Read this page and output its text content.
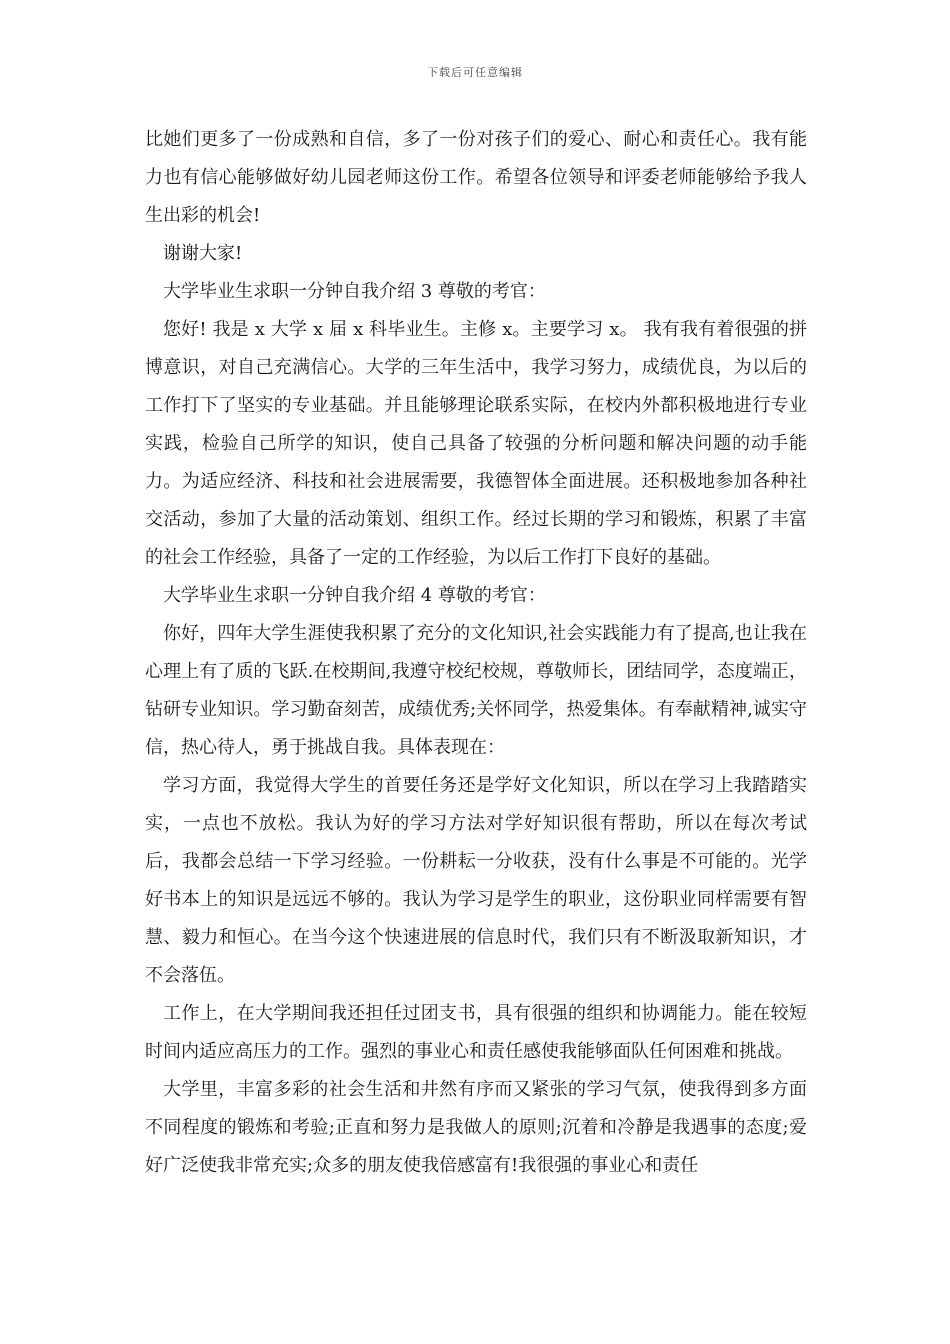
下载后可任意编辑

比她们更多了一份成熟和自信，多了一份对孩子们的爱心、耐心和责任心。我有能力也有信心能够做好幼儿园老师这份工作。希望各位领导和评委老师能够给予我人生出彩的机会!

谢谢大家!

大学毕业生求职一分钟自我介绍 3 尊敬的考官：

您好! 我是 x 大学 x 届 x 科毕业生。主修 x。主要学习 x。 我有我有着很强的拼博意识，对自己充满信心。大学的三年生活中，我学习努力，成绩优良，为以后的工作打下了坚实的专业基础。并且能够理论联系实际，在校内外都积极地进行专业实践，检验自己所学的知识，使自己具备了较强的分析问题和解决问题的动手能力。为适应经济、科技和社会进展需要，我德智体全面进展。还积极地参加各种社交活动，参加了大量的活动策划、组织工作。经过长期的学习和锻炼，积累了丰富的社会工作经验，具备了一定的工作经验，为以后工作打下良好的基础。

大学毕业生求职一分钟自我介绍 4 尊敬的考官：

你好，四年大学生涯使我积累了充分的文化知识,社会实践能力有了提高,也让我在心理上有了质的飞跃.在校期间,我遵守校纪校规，尊敬师长，团结同学，态度端正，钻研专业知识。学习勤奋刻苦，成绩优秀;关怀同学，热爱集体。有奉献精神,诚实守信，热心待人，勇于挑战自我。具体表现在：

学习方面，我觉得大学生的首要任务还是学好文化知识，所以在学习上我踏踏实实，一点也不放松。我认为好的学习方法对学好知识很有帮助，所以在每次考试后，我都会总结一下学习经验。一份耕耘一分收获，没有什么事是不可能的。光学好书本上的知识是远远不够的。我认为学习是学生的职业，这份职业同样需要有智慧、毅力和恒心。在当今这个快速进展的信息时代，我们只有不断汲取新知识，才不会落伍。

工作上，在大学期间我还担任过团支书，具有很强的组织和协调能力。能在较短时间内适应高压力的工作。强烈的事业心和责任感使我能够面队任何困难和挑战。

大学里，丰富多彩的社会生活和井然有序而又紧张的学习气氛，使我得到多方面不同程度的锻炼和考验;正直和努力是我做人的原则;沉着和冷静是我遇事的态度;爱好广泛使我非常充实;众多的朋友使我倍感富有!我很强的事业心和责任
